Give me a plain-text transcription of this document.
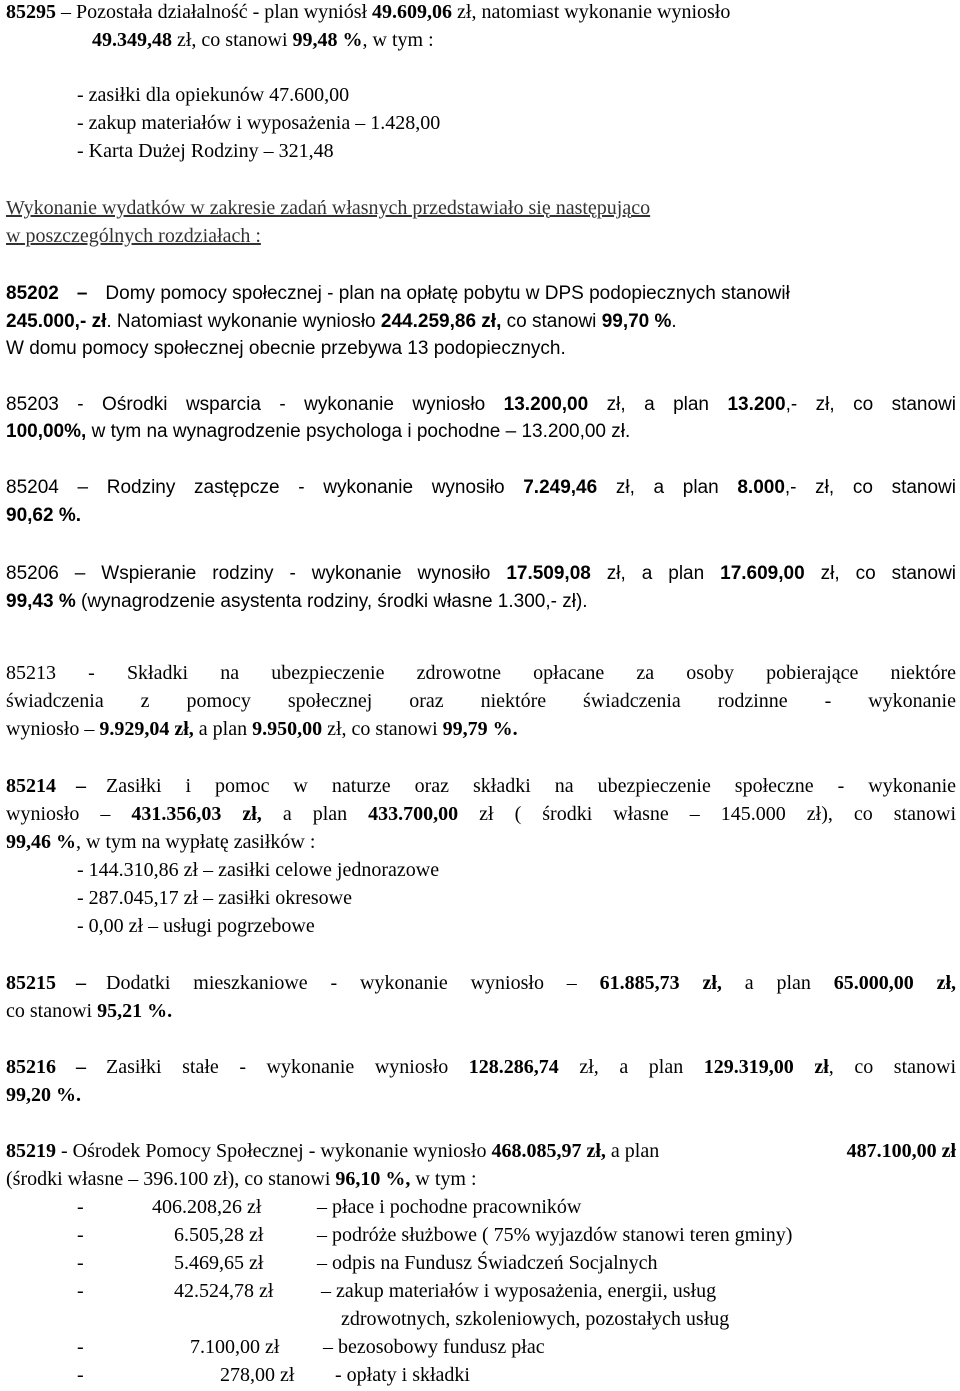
85295 – Pozostała działalność - plan wyniósł 49.609,06 zł, natomiast wykonanie wyniosło
49.349,48 zł, co stanowi 99,48 %, w tym :
- zasiłki dla opiekunów 47.600,00
- zakup materiałów i wyposażenia – 1.428,00
- Karta Dużej Rodziny – 321,48
Wykonanie wydatków w zakresie zadań własnych przedstawiało się następująco
w poszczególnych rozdziałach :
85202 – Domy pomocy społecznej - plan na opłatę pobytu w DPS podopiecznych stanowił
245.000,- zł. Natomiast wykonanie wyniosło 244.259,86 zł, co stanowi 99,70 %.
W domu pomocy społecznej obecnie przebywa 13 podopiecznych.
85203 - Ośrodki wsparcia - wykonanie wyniosło 13.200,00 zł, a plan 13.200,- zł, co stanowi
100,00%, w tym na wynagrodzenie psychologa i pochodne – 13.200,00 zł.
85204 – Rodziny zastępcze - wykonanie wynosiło 7.249,46 zł, a plan 8.000,- zł, co stanowi
90,62 %.
85206 – Wspieranie rodziny - wykonanie wynosiło 17.509,08 zł, a plan 17.609,00 zł, co stanowi
99,43 % (wynagrodzenie asystenta rodziny, środki własne 1.300,- zł).
85213 - Składki na ubezpieczenie zdrowotne opłacane za osoby pobierające niektóre
świadczenia z pomocy społecznej oraz niektóre świadczenia rodzinne - wykonanie
wyniosło – 9.929,04 zł, a plan 9.950,00 zł, co stanowi 99,79 %.
85214 – Zasiłki i pomoc w naturze oraz składki na ubezpieczenie społeczne - wykonanie
wyniosło – 431.356,03 zł, a plan 433.700,00 zł ( środki własne – 145.000 zł), co stanowi
99,46 %, w tym na wypłatę zasiłków :
- 144.310,86 zł – zasiłki celowe jednorazowe
- 287.045,17 zł – zasiłki okresowe
- 0,00 zł – usługi pogrzebowe
85215 – Dodatki mieszkaniowe - wykonanie wyniosło – 61.885,73 zł, a plan 65.000,00 zł,
co stanowi 95,21 %.
85216 – Zasiłki stałe - wykonanie wyniosło 128.286,74 zł, a plan 129.319,00 zł, co stanowi
99,20 %.
85219 - Ośrodek Pomocy Społecznej - wykonanie wyniosło 468.085,97 zł, a plan	487.100,00 zł
(środki własne – 396.100 zł), co stanowi 96,10 %, w tym :
-	406.208,26 zł	– płace i pochodne pracowników
-	6.505,28 zł	– podróże służbowe ( 75% wyjazdów stanowi teren gminy)
-	5.469,65 zł	– odpis na Fundusz Świadczeń Socjalnych
-	42.524,78 zł – zakup materiałów i wyposażenia, energii, usług
zdrowotnych, szkoleniowych, pozostałych usług
-	7.100,00 zł – bezosobowy fundusz płac
-	278,00 zł - opłaty i składki
